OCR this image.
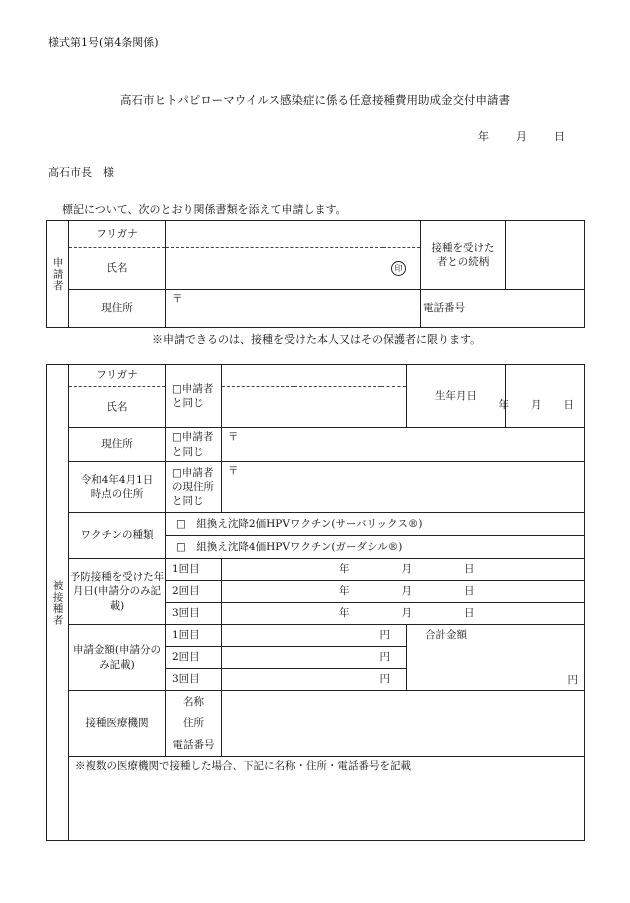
様式第1号(第4条関係)
高石市ヒトパピローマウイルス感染症に係る任意接種費用助成金交付申請書
年 月 日
高石市長　様
標記について、次のとおり関係書類を添えて申請します。
申請者	フリガナ		接種を受けた者との続柄	

	氏名	印		
	現住所	〒	電話番号	
※申請できるのは、接種を受けた本人又はその保護者に限ります。
被接種者	フリガナ	□申請者と同じ		生年月日	年 月 日

	氏名				
	現住所	□申請者と同じ	〒		
	令和4年4月1日時点の住所	□申請者の現住所と同じ	〒		
	ワクチンの種類	□　組換え沈降2価HPVワクチン(サーバリックス®)			
		□　組換え沈降4価HPVワクチン(ガーダシル®)			
	予防接種を受けた年月日(申請分のみ記載)	1回目	年 月 日		

		2回目	年 月 日		

		3回目	年 月 日		

	申請金額(申請分のみ記載)	1回目	円	合計金額
円	

		2回目	円		
		3回目	円		
	接種医療機関	名称			
		住所			
		電話番号			
	※複数の医療機関で接種した場合、下記に名称・住所・電話番号を記載				
